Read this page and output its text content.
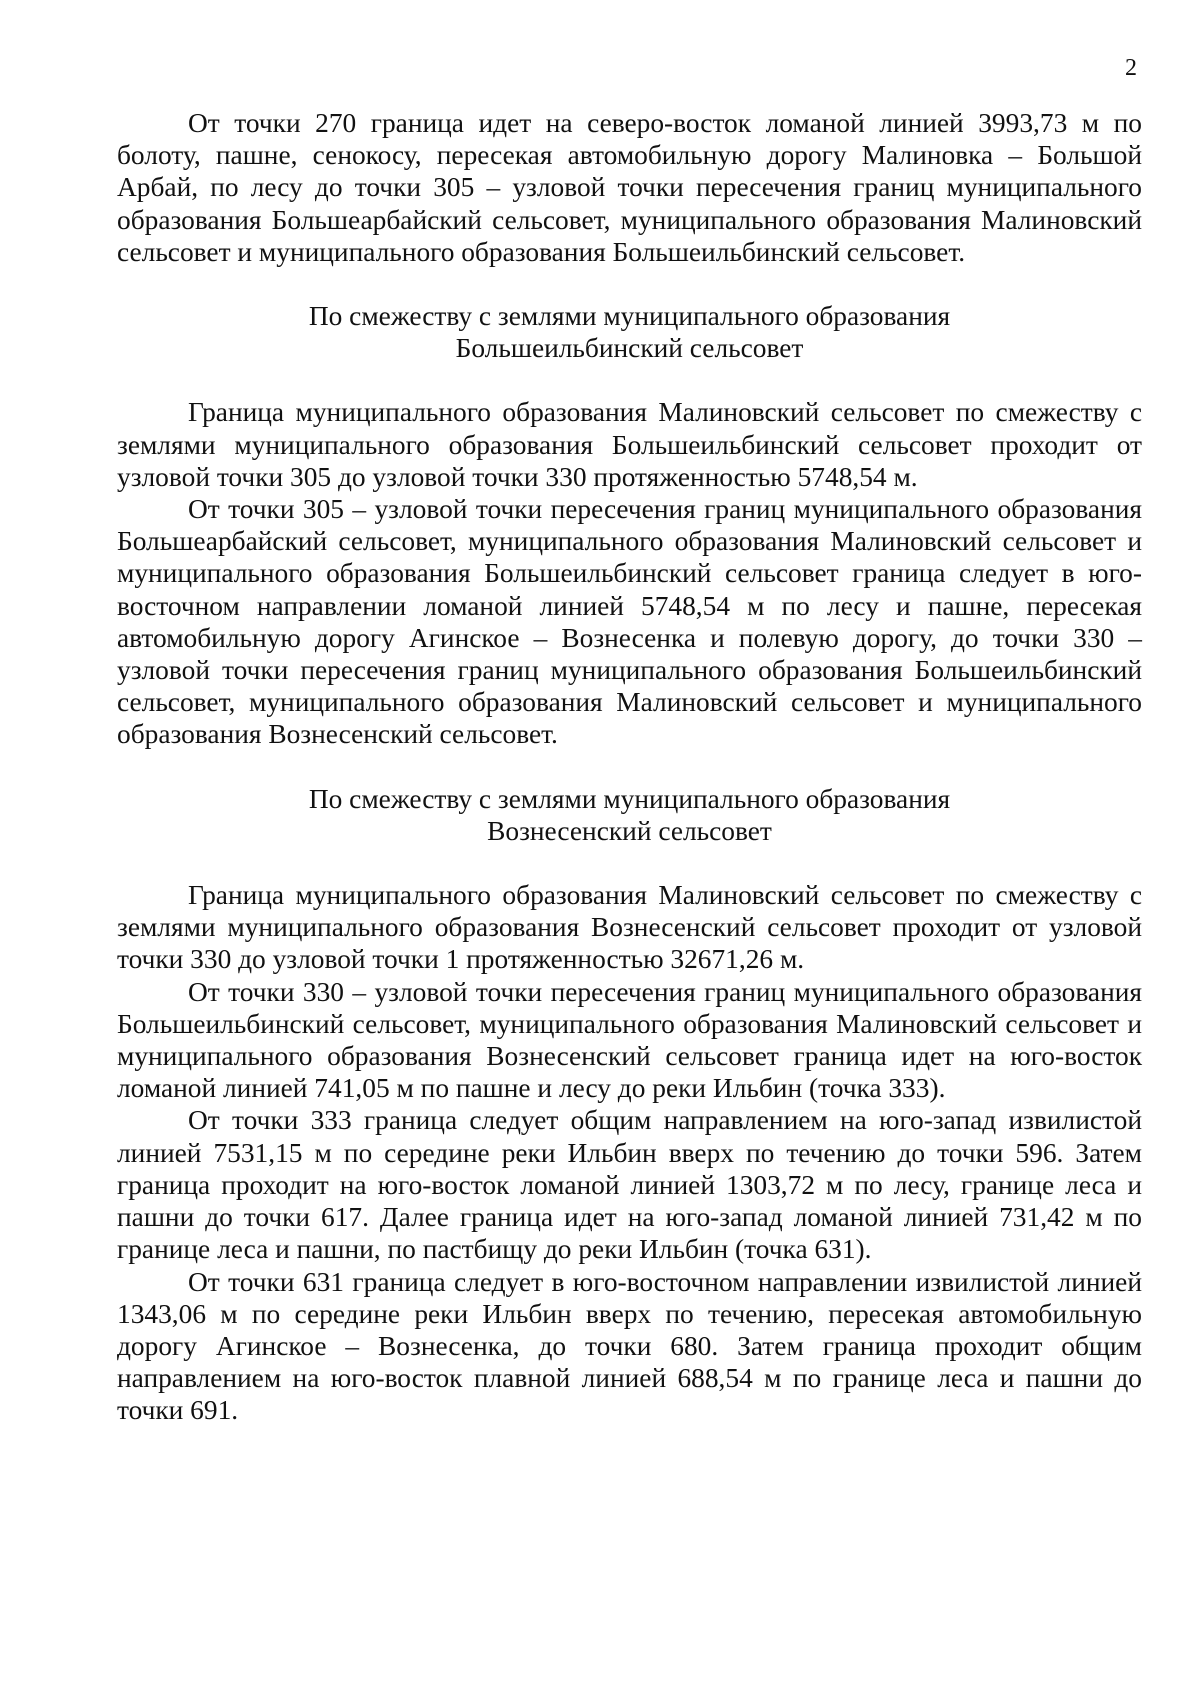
2

От точки 270 граница идет на северо-восток ломаной линией 3993,73 м по болоту, пашне, сенокосу, пересекая автомобильную дорогу Малиновка – Большой Арбай, по лесу до точки 305 – узловой точки пересечения границ муниципального образования Большеарбайский сельсовет, муниципального образования Малиновский сельсовет и муниципального образования Большеильбинский сельсовет.

По смежеству с землями муниципального образования
Большеильбинский сельсовет

Граница муниципального образования Малиновский сельсовет по смежеству с землями муниципального образования Большеильбинский сельсовет проходит от узловой точки 305 до узловой точки 330 протяженностью 5748,54 м.

От точки 305 – узловой точки пересечения границ муниципального образования Большеарбайский сельсовет, муниципального образования Малиновский сельсовет и муниципального образования Большеильбинский сельсовет граница следует в юго-восточном направлении ломаной линией 5748,54 м по лесу и пашне, пересекая автомобильную дорогу Агинское – Вознесенка и полевую дорогу, до точки 330 – узловой точки пересечения границ муниципального образования Большеильбинский сельсовет, муниципального образования Малиновский сельсовет и муниципального образования Вознесенский сельсовет.

По смежеству с землями муниципального образования
Вознесенский сельсовет

Граница муниципального образования Малиновский сельсовет по смежеству с землями муниципального образования Вознесенский сельсовет проходит от узловой точки 330 до узловой точки 1 протяженностью 32671,26 м.

От точки 330 – узловой точки пересечения границ муниципального образования Большеильбинский сельсовет, муниципального образования Малиновский сельсовет и муниципального образования Вознесенский сельсовет граница идет на юго-восток ломаной линией 741,05 м по пашне и лесу до реки Ильбин (точка 333).

От точки 333 граница следует общим направлением на юго-запад извилистой линией 7531,15 м по середине реки Ильбин вверх по течению до точки 596. Затем граница проходит на юго-восток ломаной линией 1303,72 м по лесу, границе леса и пашни до точки 617. Далее граница идет на юго-запад ломаной линией 731,42 м по границе леса и пашни, по пастбищу до реки Ильбин (точка 631).

От точки 631 граница следует в юго-восточном направлении извилистой линией 1343,06 м по середине реки Ильбин вверх по течению, пересекая автомобильную дорогу Агинское – Вознесенка, до точки 680. Затем граница проходит общим направлением на юго-восток плавной линией 688,54 м по границе леса и пашни до точки 691.
